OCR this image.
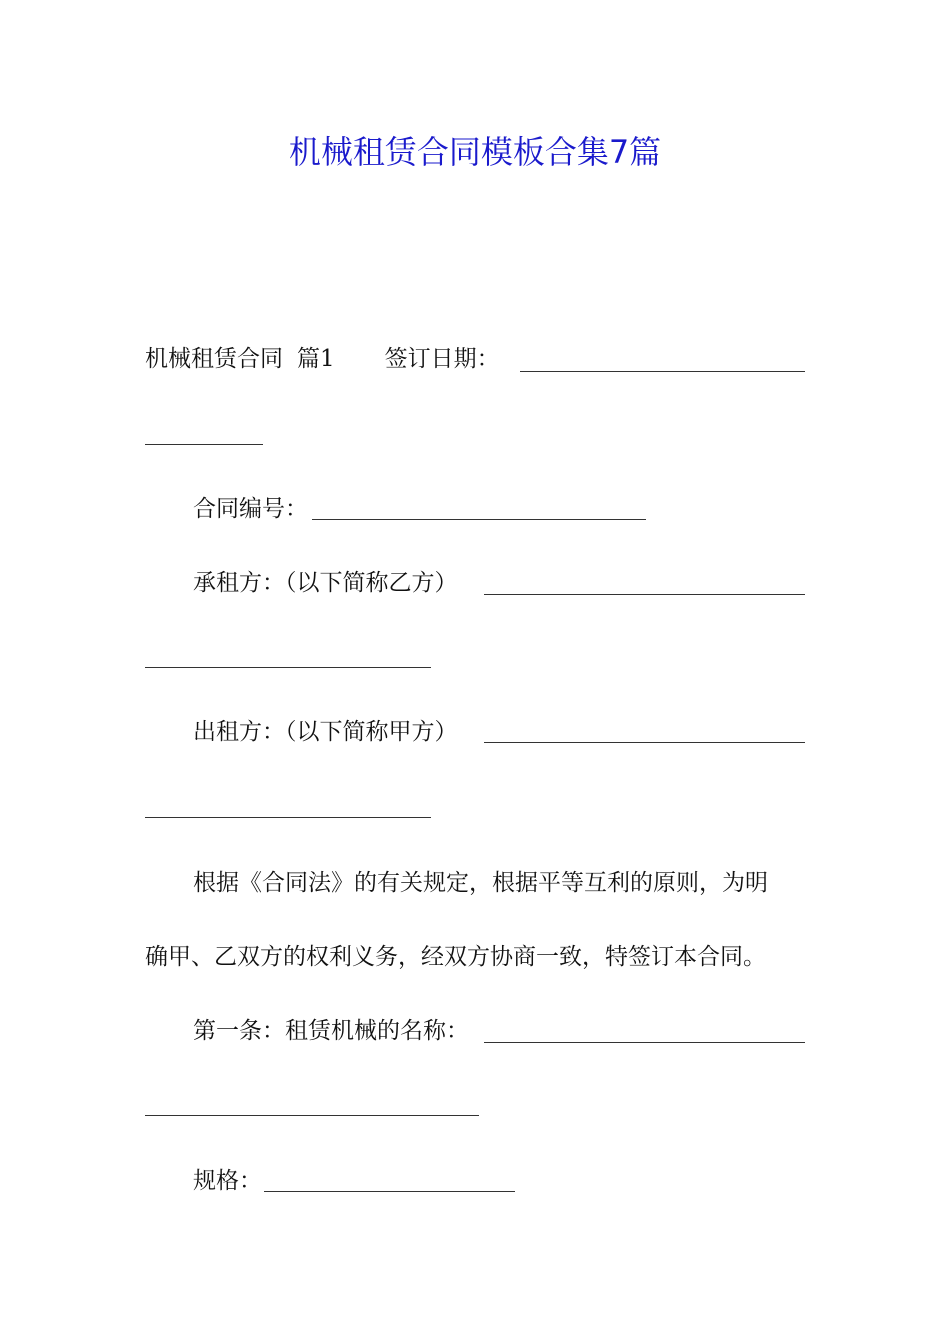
机械租赁合同模板合集7篇
机械租赁合同 篇1 签订日期：
合同编号：
承租方：（以下简称乙方）
出租方：（以下简称甲方）
根据《合同法》的有关规定，根据平等互利的原则，为明
确甲、乙双方的权利义务，经双方协商一致，特签订本合同。
第一条：租赁机械的名称：
规格：
